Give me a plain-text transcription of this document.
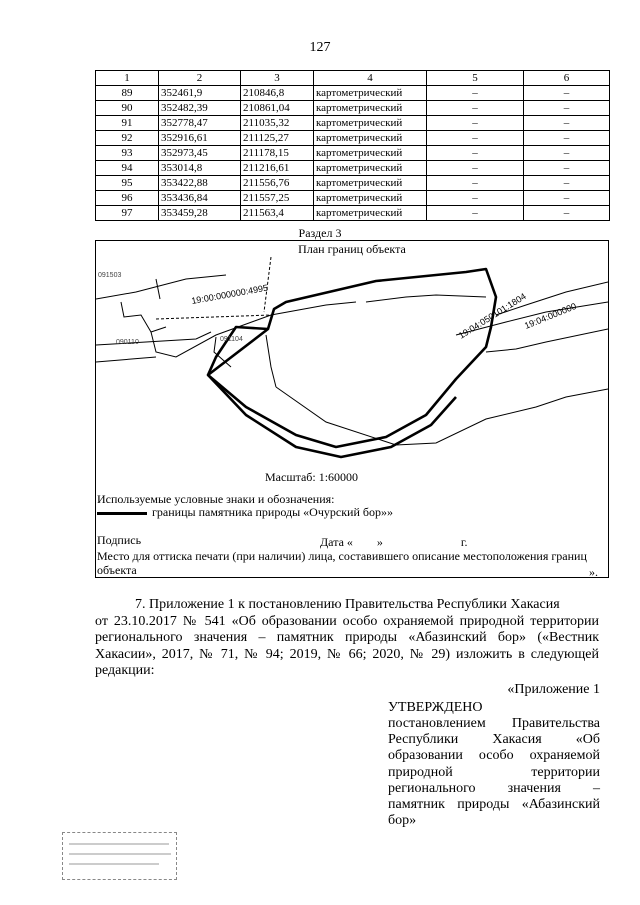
127
1	2	3	4	5	6
89	352461,9	210846,8	картометрический	–	–
90	352482,39	210861,04	картометрический	–	–
91	352778,47	211035,32	картометрический	–	–
92	352916,61	211125,27	картометрический	–	–
93	352973,45	211178,15	картометрический	–	–
94	353014,8	211216,61	картометрический	–	–
95	353422,88	211556,76	картометрический	–	–
96	353436,84	211557,25	картометрический	–	–
97	353459,28	211563,4	картометрический	–	–
Раздел 3
План границ объекта
19:00:000000:4995	19:04:050101:1804
19:04:000000
091503
090110	091104
Масштаб: 1:60000
Используемые условные знаки и обозначения:
границы памятника природы «Очурский бор»»
Подпись	Дата «        »                          г.
Место для оттиска печати (при наличии) лица, составившего описание местоположения границ объекта	».
7. Приложение 1 к постановлению Правительства Республики Хакасия
от 23.10.2017 № 541 «Об образовании особо охраняемой природной территории регионального значения – памятник природы «Абазинский бор» («Вестник Хакасии», 2017, № 71, № 94; 2019, № 66; 2020, № 29) изложить в следующей редакции:
«Приложение 1
УТВЕРЖДЕНО
постановлением Правительства Республики Хакасия «Об образовании особо охраняемой природной территории регионального значения – памятник природы «Абазинский бор»
